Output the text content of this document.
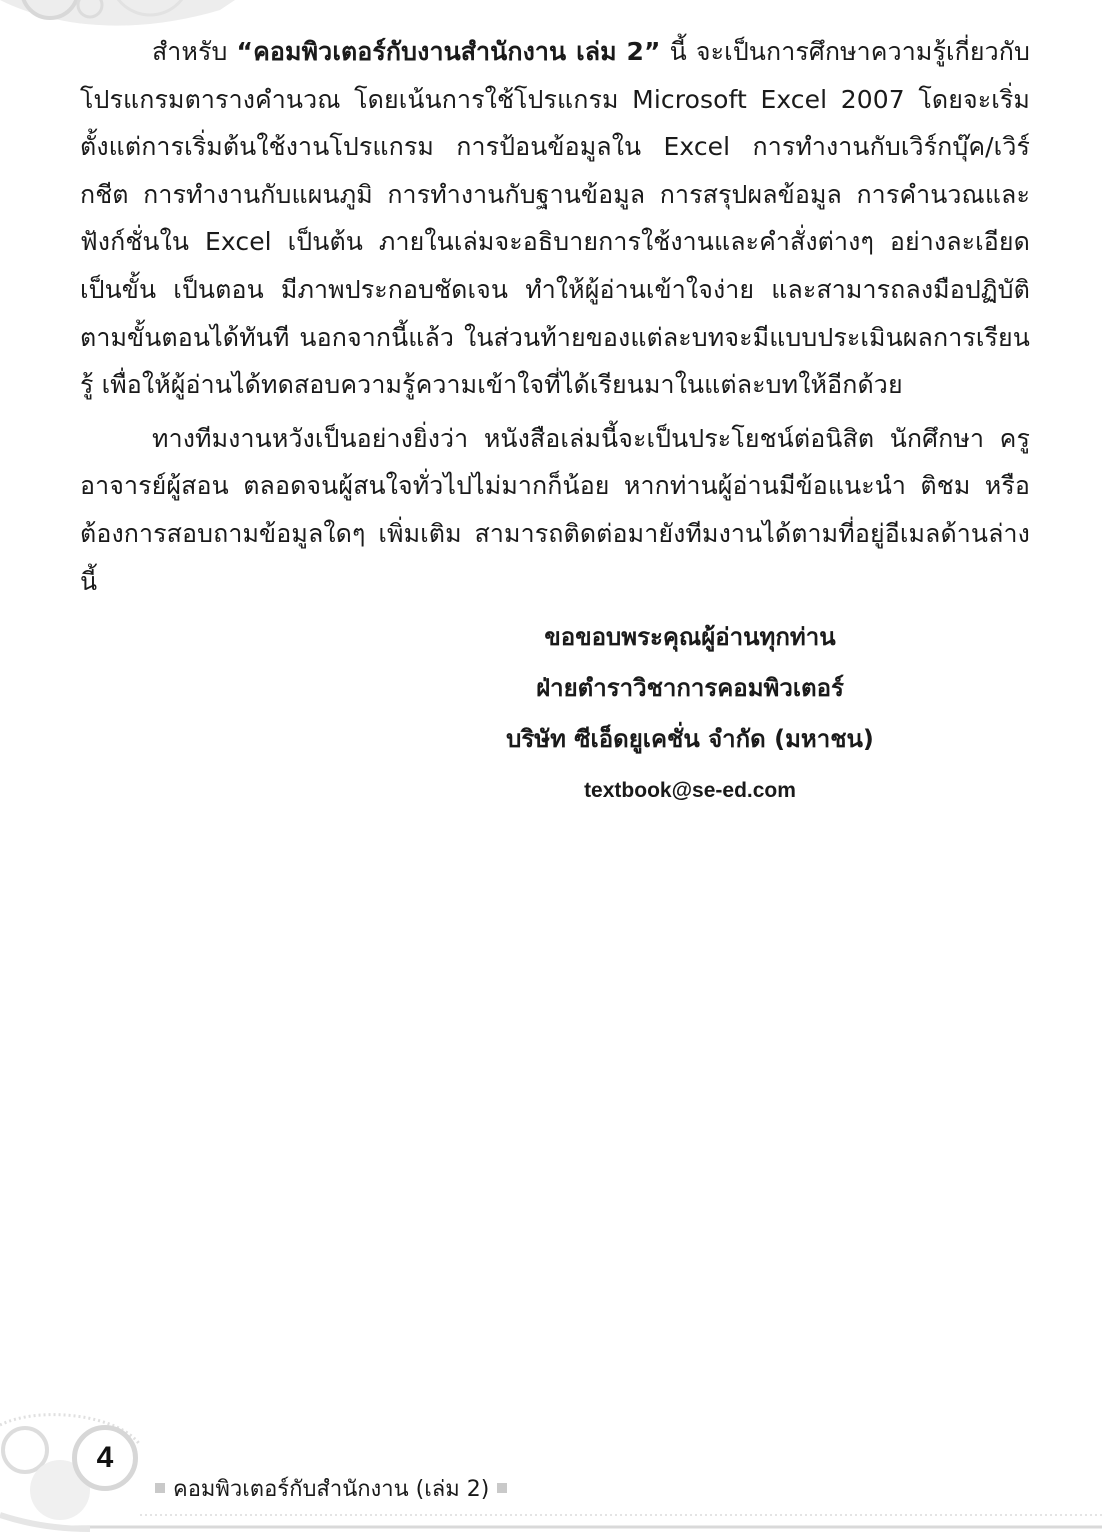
สำหรับ “คอมพิวเตอร์กับงานสำนักงาน เล่ม 2” นี้ จะเป็นการศึกษาความรู้เกี่ยวกับโปรแกรมตารางคำนวณ โดยเน้นการใช้โปรแกรม Microsoft Excel 2007 โดยจะเริ่มตั้งแต่การเริ่มต้นใช้งานโปรแกรม การป้อนข้อมูลใน Excel การทำงานกับเวิร์กบุ๊ค/เวิร์กชีต การทำงานกับแผนภูมิ การทำงานกับฐานข้อมูล การสรุปผลข้อมูล การคำนวณและฟังก์ชั่นใน Excel เป็นต้น ภายในเล่มจะอธิบายการใช้งานและคำสั่งต่างๆ อย่างละเอียด เป็นขั้น เป็นตอน มีภาพประกอบชัดเจน ทำให้ผู้อ่านเข้าใจง่าย และสามารถลงมือปฏิบัติตามขั้นตอนได้ทันที นอกจากนี้แล้ว ในส่วนท้ายของแต่ละบทจะมีแบบประเมินผลการเรียนรู้ เพื่อให้ผู้อ่านได้ทดสอบความรู้ความเข้าใจที่ได้เรียนมาในแต่ละบทให้อีกด้วย

ทางทีมงานหวังเป็นอย่างยิ่งว่า หนังสือเล่มนี้จะเป็นประโยชน์ต่อนิสิต นักศึกษา ครู อาจารย์ผู้สอน ตลอดจนผู้สนใจทั่วไปไม่มากก็น้อย หากท่านผู้อ่านมีข้อแนะนำ ติชม หรือต้องการสอบถามข้อมูลใดๆ เพิ่มเติม สามารถติดต่อมายังทีมงานได้ตามที่อยู่อีเมลด้านล่างนี้

ขอขอบพระคุณผู้อ่านทุกท่าน
ฝ่ายตำราวิชาการคอมพิวเตอร์
บริษัท ซีเอ็ดยูเคชั่น จำกัด (มหาชน)
textbook@se-ed.com
4
คอมพิวเตอร์กับสำนักงาน (เล่ม 2)
